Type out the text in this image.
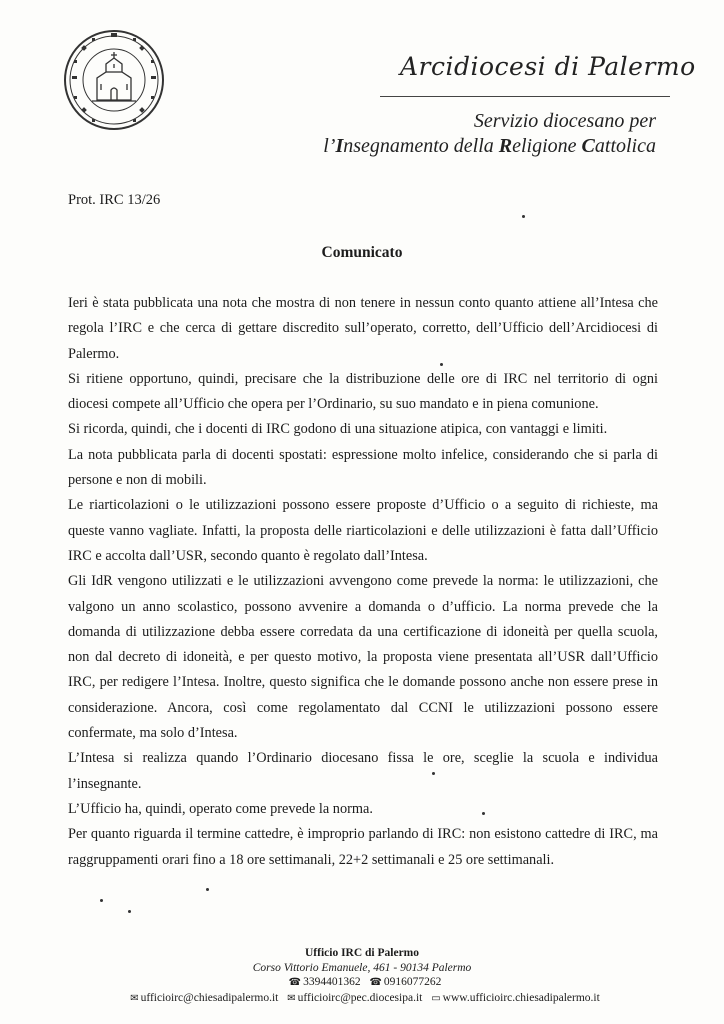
Arcidiocesi di Palermo
Servizio diocesano per
l’Insegnamento della Religione Cattolica
Prot. IRC 13/26
Comunicato

Ieri è stata pubblicata una nota che mostra di non tenere in nessun conto quanto attiene all’Intesa che regola l’IRC e che cerca di gettare discredito sull’operato, corretto, dell’Ufficio dell’Arcidiocesi di Palermo.

Si ritiene opportuno, quindi, precisare che la distribuzione delle ore di IRC nel territorio di ogni diocesi compete all’Ufficio che opera per l’Ordinario, su suo mandato e in piena comunione.

Si ricorda, quindi, che i docenti di IRC godono di una situazione atipica, con vantaggi e limiti.

La nota pubblicata parla di docenti spostati: espressione molto infelice, considerando che si parla di persone e non di mobili.

Le riarticolazioni o le utilizzazioni possono essere proposte d’Ufficio o a seguito di richieste, ma queste vanno vagliate. Infatti, la proposta delle riarticolazioni e delle utilizzazioni è fatta dall’Ufficio IRC e accolta dall’USR, secondo quanto è regolato dall’Intesa.

Gli IdR vengono utilizzati e le utilizzazioni avvengono come prevede la norma: le utilizzazioni, che valgono un anno scolastico, possono avvenire a domanda o d’ufficio. La norma prevede che la domanda di utilizzazione debba essere corredata da una certificazione di idoneità per quella scuola, non dal decreto di idoneità, e per questo motivo, la proposta viene presentata all’USR dall’Ufficio IRC, per redigere l’Intesa. Inoltre, questo significa che le domande possono anche non essere prese in considerazione. Ancora, così come regolamentato dal CCNI le utilizzazioni possono essere confermate, ma solo d’Intesa.

L’Intesa si realizza quando l’Ordinario diocesano fissa le ore, sceglie la scuola e individua l’insegnante.

L’Ufficio ha, quindi, operato come prevede la norma.

Per quanto riguarda il termine cattedre, è improprio parlando di IRC: non esistono cattedre di IRC, ma raggruppamenti orari fino a 18 ore settimanali, 22+2 settimanali e 25 ore settimanali.

Ufficio IRC di Palermo
Corso Vittorio Emanuele, 461 - 90134 Palermo
☎ 3394401362 ☎ 0916077262
✉ ufficioirc@chiesadipalermo.it ✉ ufficioirc@pec.diocesipa.it ▭ www.ufficioirc.chiesadipalermo.it
